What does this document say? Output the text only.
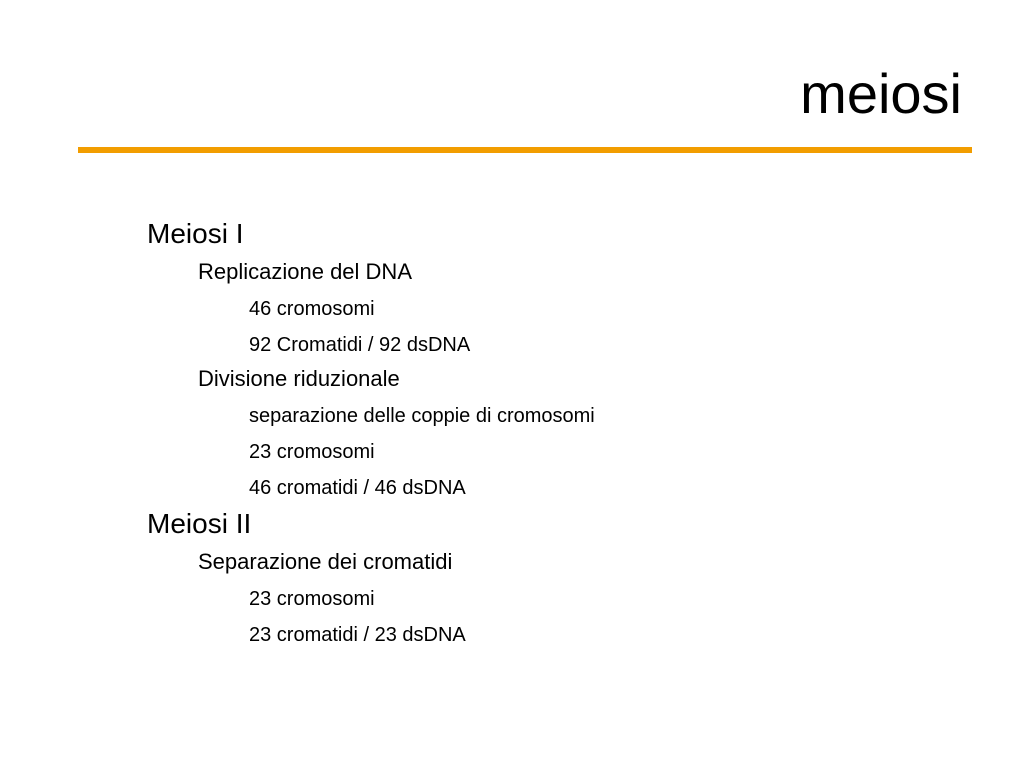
meiosi
Meiosi I
Replicazione del DNA
46 cromosomi
92 Cromatidi / 92 dsDNA
Divisione riduzionale
separazione delle coppie di cromosomi
23 cromosomi
46 cromatidi / 46 dsDNA
Meiosi II
Separazione dei cromatidi
23 cromosomi
23 cromatidi / 23 dsDNA
